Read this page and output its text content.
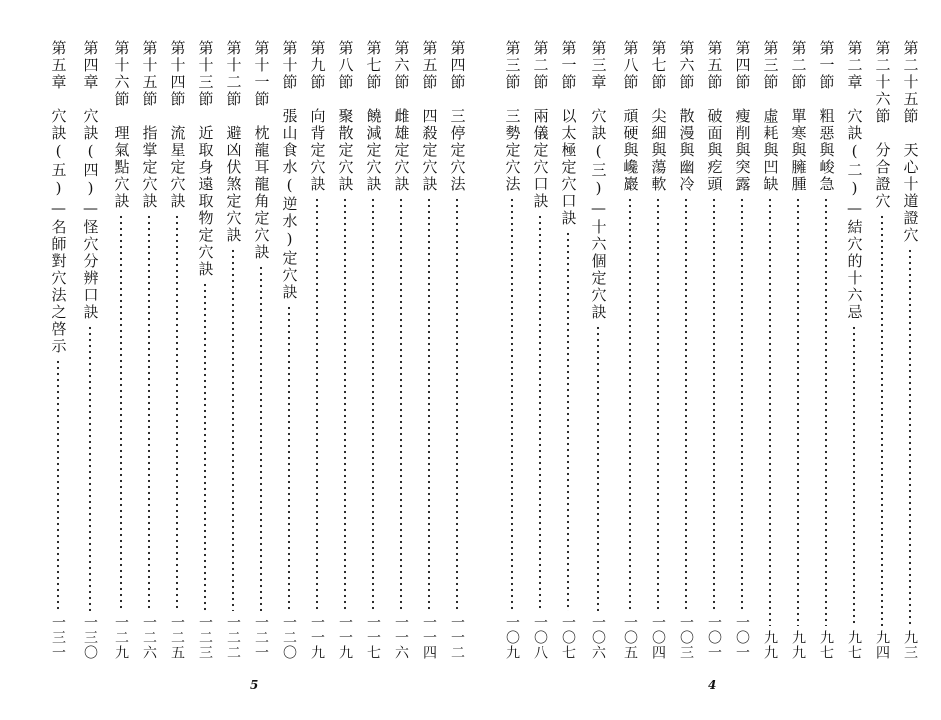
第四節　三停定穴法
一一二
第五節　四殺定穴訣
一一四
第六節　雌雄定穴訣
一一六
第七節　饒減定穴訣
一一七
第八節　聚散定穴訣
一一九
第九節　向背定穴訣
一一九
第十節　張山食水(逆水)定穴訣
一二〇
第十一節　枕龍耳龍角定穴訣
一二一
第十二節　避凶伏煞定穴訣
一二二
第十三節　近取身遠取物定穴訣
一二三
第十四節　流星定穴訣
一二五
第十五節　指掌定穴訣
一二六
第十六節　理氣點穴訣
一二九
第四章　穴訣(四)—怪穴分辨口訣
一三〇
第五章　穴訣(五)—名師對穴法之啓示
一三一
5
第二十五節　天心十道證穴
九三
第二十六節　分合證穴
九四
第二章　穴訣(二)—結穴的十六忌
九七
第一節　粗惡與峻急
九七
第二節　單寒與臃腫
九九
第三節　虛耗與凹缺
九九
第四節　瘦削與突露
一〇一
第五節　破面與疙頭
一〇一
第六節　散漫與幽冷
一〇三
第七節　尖細與蕩軟
一〇四
第八節　頑硬與巉巖
一〇五
第三章　穴訣(三)—十六個定穴訣
一〇六
第一節　以太極定穴口訣
一〇七
第二節　兩儀定穴口訣
一〇八
第三節　三勢定穴法
一〇九
4
